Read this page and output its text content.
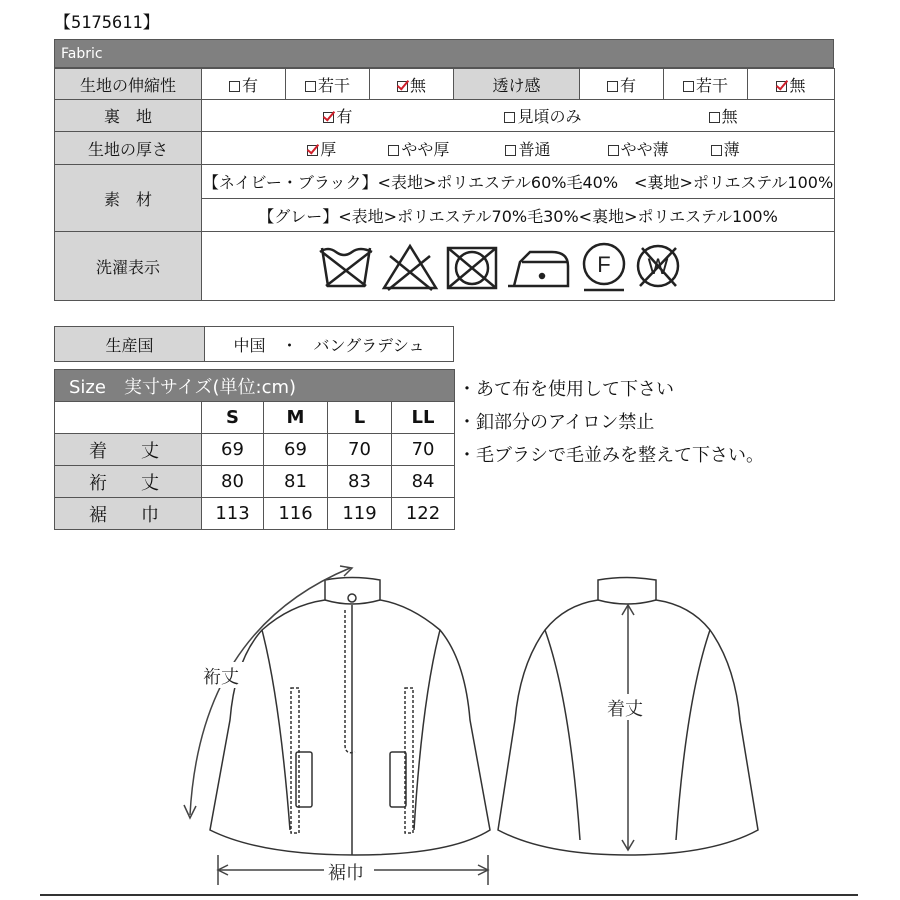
【5175611】
Fabric
生地の伸縮性	有	若干	無	透け感	有	若干	無
裏　地	有 見頃のみ 無						
生地の厚さ	厚 やや厚 普通 やや薄 薄						
素　材	【ネイビー・ブラック】<表地>ポリエステル60%毛40%　<裏地>ポリエステル100%						
	【グレー】<表地>ポリエステル70%毛30%<裏地>ポリエステル100%						
洗濯表示	F W						
生産国	中国　・　バングラデシュ
Size　実寸サイズ(単位:cm)				
	S	M	L	LL
着　丈	69	69	70	70
裄　丈	80	81	83	84
裾　巾	113	116	119	122
・あて布を使用して下さい
・釦部分のアイロン禁止
・毛ブラシで毛並みを整えて下さい。
裄丈
裾巾
着丈
